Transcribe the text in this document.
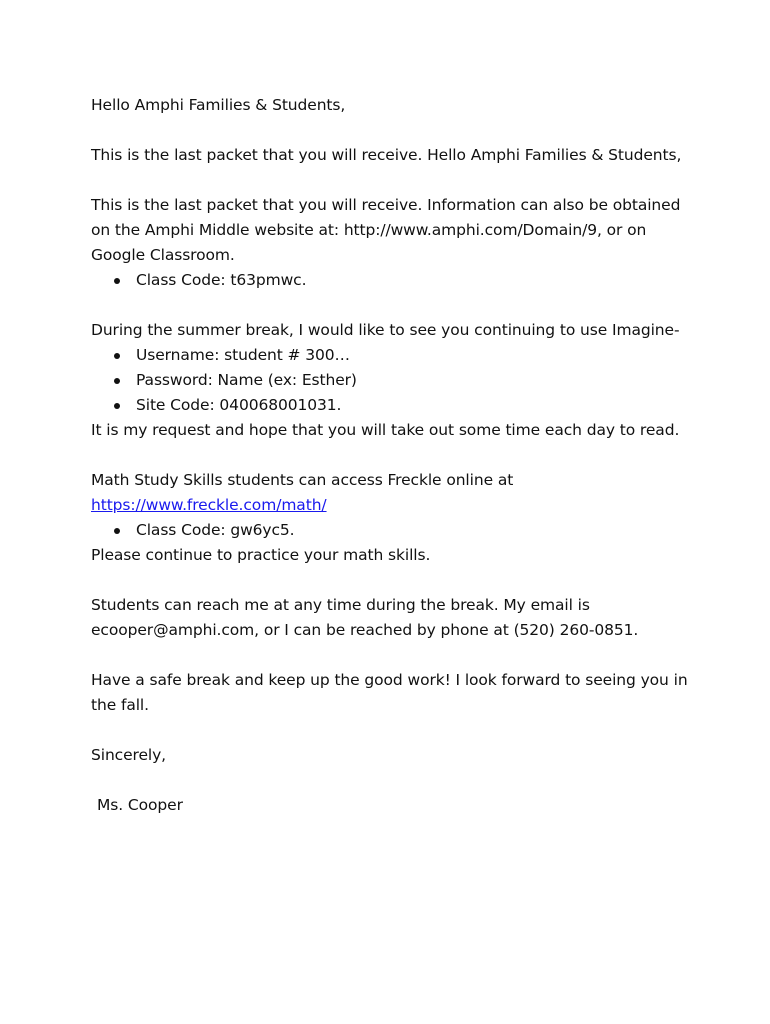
Hello Amphi Families & Students,

This is the last packet that you will receive. Hello Amphi Families & Students,

This is the last packet that you will receive. Information can also be obtained on the Amphi Middle website at: http://www.amphi.com/Domain/9, or on Google Classroom.

Class Code: t63pmwc.

During the summer break, I would like to see you continuing to use Imagine-

Username: student # 300…
Password: Name (ex: Esther)
Site Code: 040068001031.

It is my request and hope that you will take out some time each day to read.

Math Study Skills students can access Freckle online at

https://www.freckle.com/math/

Class Code: gw6yc5.

Please continue to practice your math skills.

Students can reach me at any time during the break. My email is ecooper@amphi.com, or I can be reached by phone at (520) 260-0851.

Have a safe break and keep up the good work! I look forward to seeing you in the fall.

Sincerely,

Ms. Cooper
